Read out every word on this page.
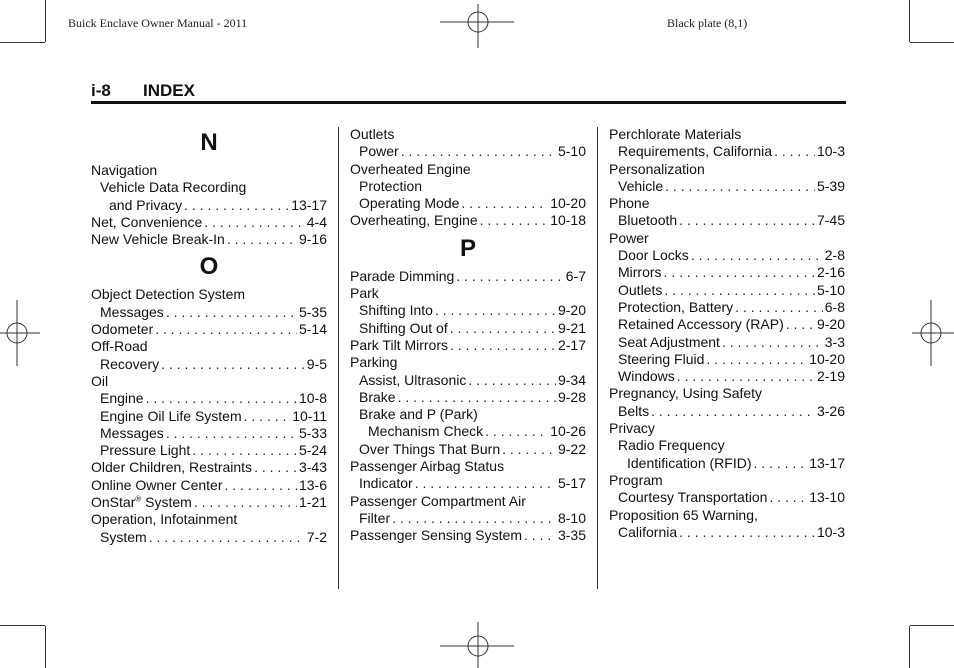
Buick Enclave Owner Manual - 2011	Black plate (8,1)
i-8 INDEX
N
Navigation
Vehicle Data Recording
and Privacy . . .	13-17
Net, Convenience . . .	4-4
New Vehicle Break-In . . .	9-16
O
Object Detection System
Messages . . .	5-35
Odometer . . .	5-14
Off-Road
Recovery . . .	9-5
Oil
Engine . . .	10-8
Engine Oil Life System . . .	10-11
Messages . . .	5-33
Pressure Light . . .	5-24
Older Children, Restraints . . .	3-43
Online Owner Center . . .	13-6
OnStar® System . . .	1-21
Operation, Infotainment
System . . .	7-2
Outlets
Power . . .	5-10
Overheated Engine
Protection
Operating Mode . . .	10-20
Overheating, Engine . . .	10-18
P
Parade Dimming . . .	6-7
Park
Shifting Into . . .	9-20
Shifting Out of . . .	9-21
Park Tilt Mirrors . . .	2-17
Parking
Assist, Ultrasonic . . .	9-34
Brake . . .	9-28
Brake and P (Park)
Mechanism Check . . .	10-26
Over Things That Burn . . .	9-22
Passenger Airbag Status
Indicator . . .	5-17
Passenger Compartment Air
Filter . . .	8-10
Passenger Sensing System . . .	3-35
Perchlorate Materials
Requirements, California . . .	10-3
Personalization
Vehicle . . .	5-39
Phone
Bluetooth . . .	7-45
Power
Door Locks . . .	2-8
Mirrors . . .	2-16
Outlets . . .	5-10
Protection, Battery . . .	6-8
Retained Accessory (RAP) . . . 9-20
Seat Adjustment . . .	3-3
Steering Fluid . . .	10-20
Windows . . .	2-19
Pregnancy, Using Safety
Belts . . .	3-26
Privacy
Radio Frequency
Identification (RFID) . . .	13-17
Program
Courtesy Transportation . . .	13-10
Proposition 65 Warning,
California . . .	10-3
